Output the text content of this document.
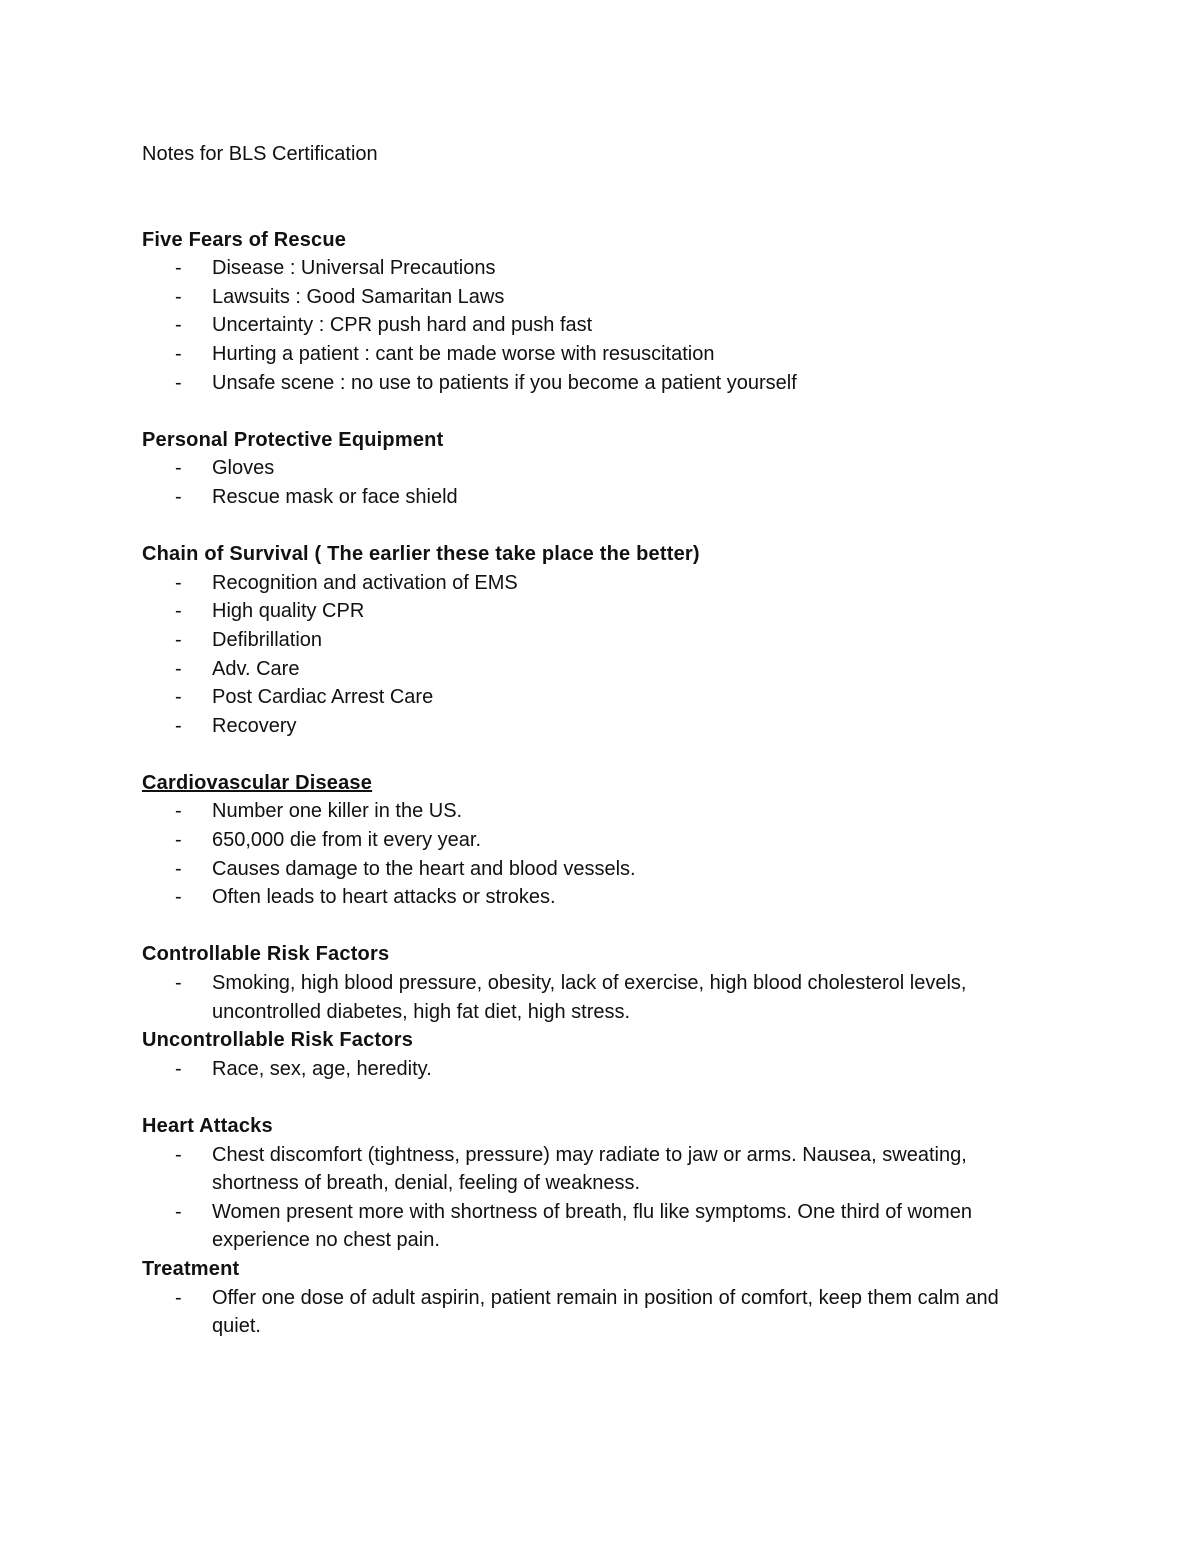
Notes for BLS Certification
Five Fears of Rescue
- Disease : Universal Precautions
- Lawsuits : Good Samaritan Laws
- Uncertainty : CPR push hard and push fast
- Hurting a patient : cant be made worse with resuscitation
- Unsafe scene : no use to patients if you become a patient yourself
Personal Protective Equipment
- Gloves
- Rescue mask or face shield
Chain of Survival ( The earlier these take place the better)
- Recognition and activation of EMS
- High quality CPR
- Defibrillation
- Adv. Care
- Post Cardiac Arrest Care
- Recovery
Cardiovascular Disease
- Number one killer in the US.
- 650,000 die from it every year.
- Causes damage to the heart and blood vessels.
- Often leads to heart attacks or strokes.
Controllable Risk Factors
- Smoking, high blood pressure, obesity, lack of exercise, high blood cholesterol levels, uncontrolled diabetes, high fat diet, high stress.
Uncontrollable Risk Factors
- Race, sex, age, heredity.
Heart Attacks
- Chest discomfort (tightness, pressure) may radiate to jaw or arms. Nausea, sweating, shortness of breath, denial, feeling of weakness.
- Women present more with shortness of breath, flu like symptoms. One third of women experience no chest pain.
Treatment
- Offer one dose of adult aspirin, patient remain in position of comfort, keep them calm and quiet.
